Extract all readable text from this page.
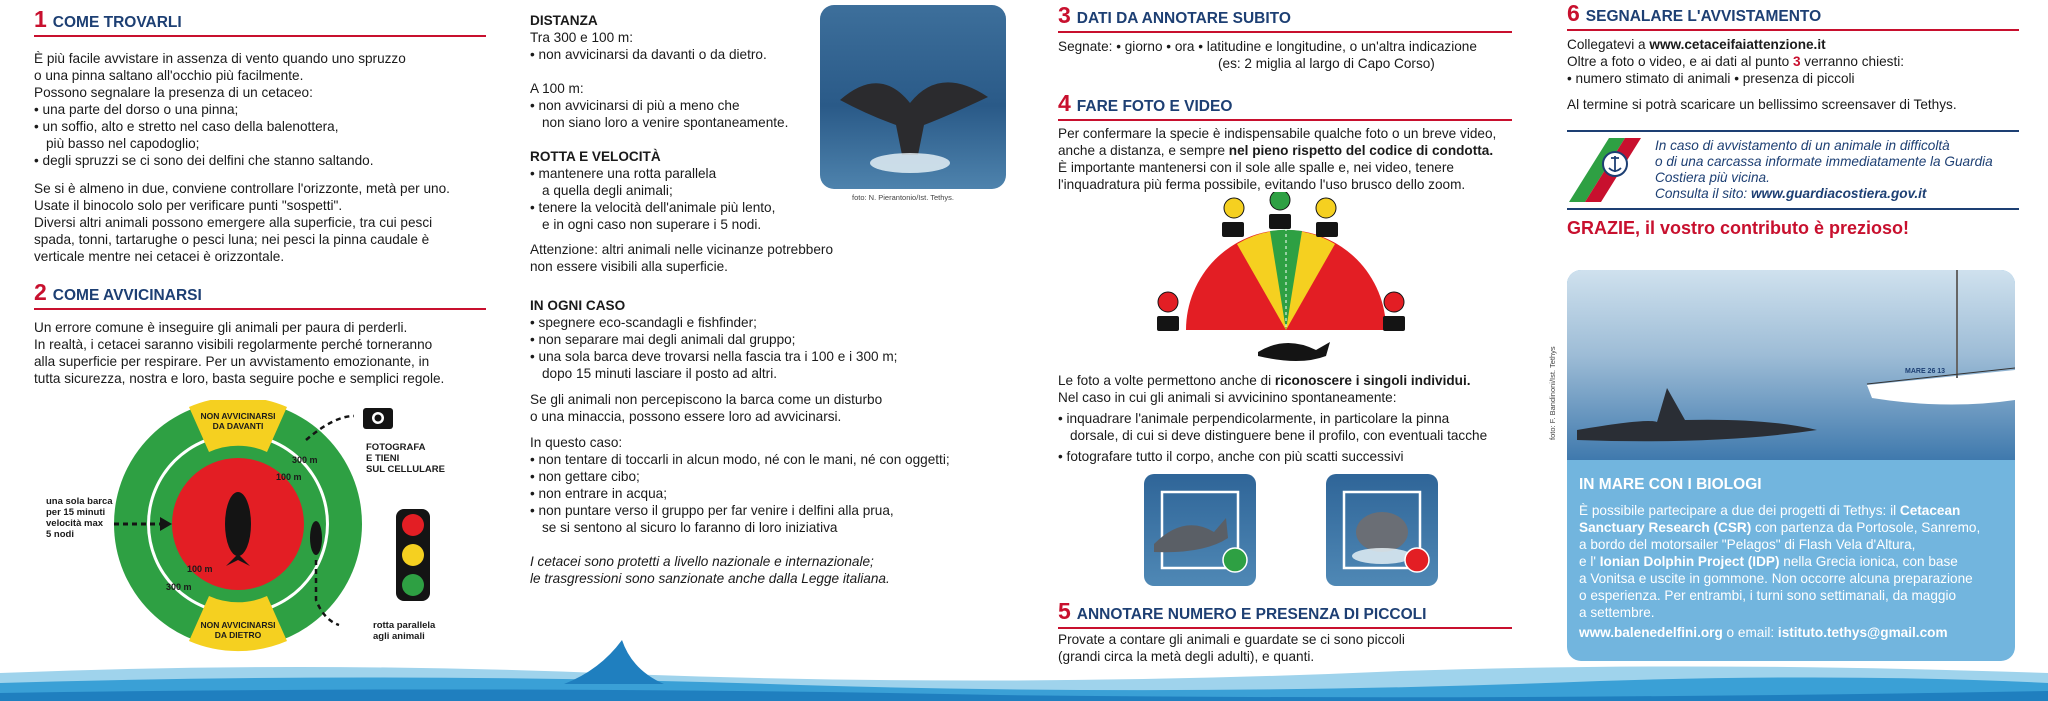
1 COME TROVARLI
È più facile avvistare in assenza di vento quando uno spruzzo
o una pinna saltano all'occhio più facilmente.
Possono segnalare la presenza di un cetaceo:
• una parte del dorso o una pinna;
• un soffio, alto e stretto nel caso della balenottera,
più basso nel capodoglio;
• degli spruzzi se ci sono dei delfini che stanno saltando.
Se si è almeno in due, conviene controllare l'orizzonte, metà per uno.
Usate il binocolo solo per verificare punti "sospetti".
Diversi altri animali possono emergere alla superficie, tra cui pesci
spada, tonni, tartarughe o pesci luna; nei pesci la pinna caudale è
verticale mentre nei cetacei è orizzontale.
2 COME AVVICINARSI
Un errore comune è inseguire gli animali per paura di perderli.
In realtà, i cetacei saranno visibili regolarmente perché torneranno
alla superficie per respirare. Per un avvistamento emozionante, in
tutta sicurezza, nostra e loro, basta seguire poche e semplici regole.
NON AVVICINARSI
DA DAVANTI
NON AVVICINARSI
DA DIETRO
300 m
100 m
100 m
300 m
una sola barca
per 15 minuti
velocità max
5 nodi
FOTOGRAFA
E TIENI
SUL CELLULARE
rotta parallela
agli animali
DISTANZA
Tra 300 e 100 m:
• non avvicinarsi da davanti o da dietro.
A 100 m:
• non avvicinarsi di più a meno che
non siano loro a venire spontaneamente.
ROTTA E VELOCITÀ
• mantenere una rotta parallela
a quella degli animali;
• tenere la velocità dell'animale più lento,
e in ogni caso non superare i 5 nodi.
Attenzione: altri animali nelle vicinanze potrebbero
non essere visibili alla superficie.
IN OGNI CASO
• spegnere eco-scandagli e fishfinder;
• non separare mai degli animali dal gruppo;
• una sola barca deve trovarsi nella fascia tra i 100 e i 300 m;
dopo 15 minuti lasciare il posto ad altri.
Se gli animali non percepiscono la barca come un disturbo
o una minaccia, possono essere loro ad avvicinarsi.
In questo caso:
• non tentare di toccarli in alcun modo, né con le mani, né con oggetti;
• non gettare cibo;
• non entrare in acqua;
• non puntare verso il gruppo per far venire i delfini alla prua,
se si sentono al sicuro lo faranno di loro iniziativa
I cetacei sono protetti a livello nazionale e internazionale;
le trasgressioni sono sanzionate anche dalla Legge italiana.
foto: N. Pierantonio/Ist. Tethys.
3 DATI DA ANNOTARE SUBITO
Segnate: • giorno • ora • latitudine e longitudine, o un'altra indicazione
(es: 2 miglia al largo di Capo Corso)
4 FARE FOTO E VIDEO
Per confermare la specie è indispensabile qualche foto o un breve video,
anche a distanza, e sempre nel pieno rispetto del codice di condotta.
È importante mantenersi con il sole alle spalle e, nei video, tenere
l'inquadratura più ferma possibile, evitando l'uso brusco dello zoom.
Le foto a volte permettono anche di riconoscere i singoli individui.
Nel caso in cui gli animali si avvicinino spontaneamente:
• inquadrare l'animale perpendicolarmente, in particolare la pinna
dorsale, di cui si deve distinguere bene il profilo, con eventuali tacche
• fotografare tutto il corpo, anche con più scatti successivi
5 ANNOTARE NUMERO E PRESENZA DI PICCOLI
Provate a contare gli animali e guardate se ci sono piccoli
(grandi circa la metà degli adulti), e quanti.
6 SEGNALARE L'AVVISTAMENTO
Collegatevi a www.cetaceifaiattenzione.it
Oltre a foto o video, e ai dati al punto 3 verranno chiesti:
• numero stimato di animali • presenza di piccoli
Al termine si potrà scaricare un bellissimo screensaver di Tethys.
In caso di avvistamento di un animale in difficoltà
o di una carcassa informate immediatamente la Guardia
Costiera più vicina.
Consulta il sito: www.guardiacostiera.gov.it
GRAZIE, il vostro contributo è prezioso!
foto: F. Bandinoni/Ist. Tethys	MARE 26 13
IN MARE CON I BIOLOGI
È possibile partecipare a due dei progetti di Tethys: il Cetacean
Sanctuary Research (CSR) con partenza da Portosole, Sanremo,
a bordo del motorsailer "Pelagos" di Flash Vela d'Altura,
e l' Ionian Dolphin Project (IDP) nella Grecia ionica, con base
a Vonitsa e uscite in gommone. Non occorre alcuna preparazione
o esperienza. Per entrambi, i turni sono settimanali, da maggio
a settembre.
www.balenedelfini.org o email: istituto.tethys@gmail.com
